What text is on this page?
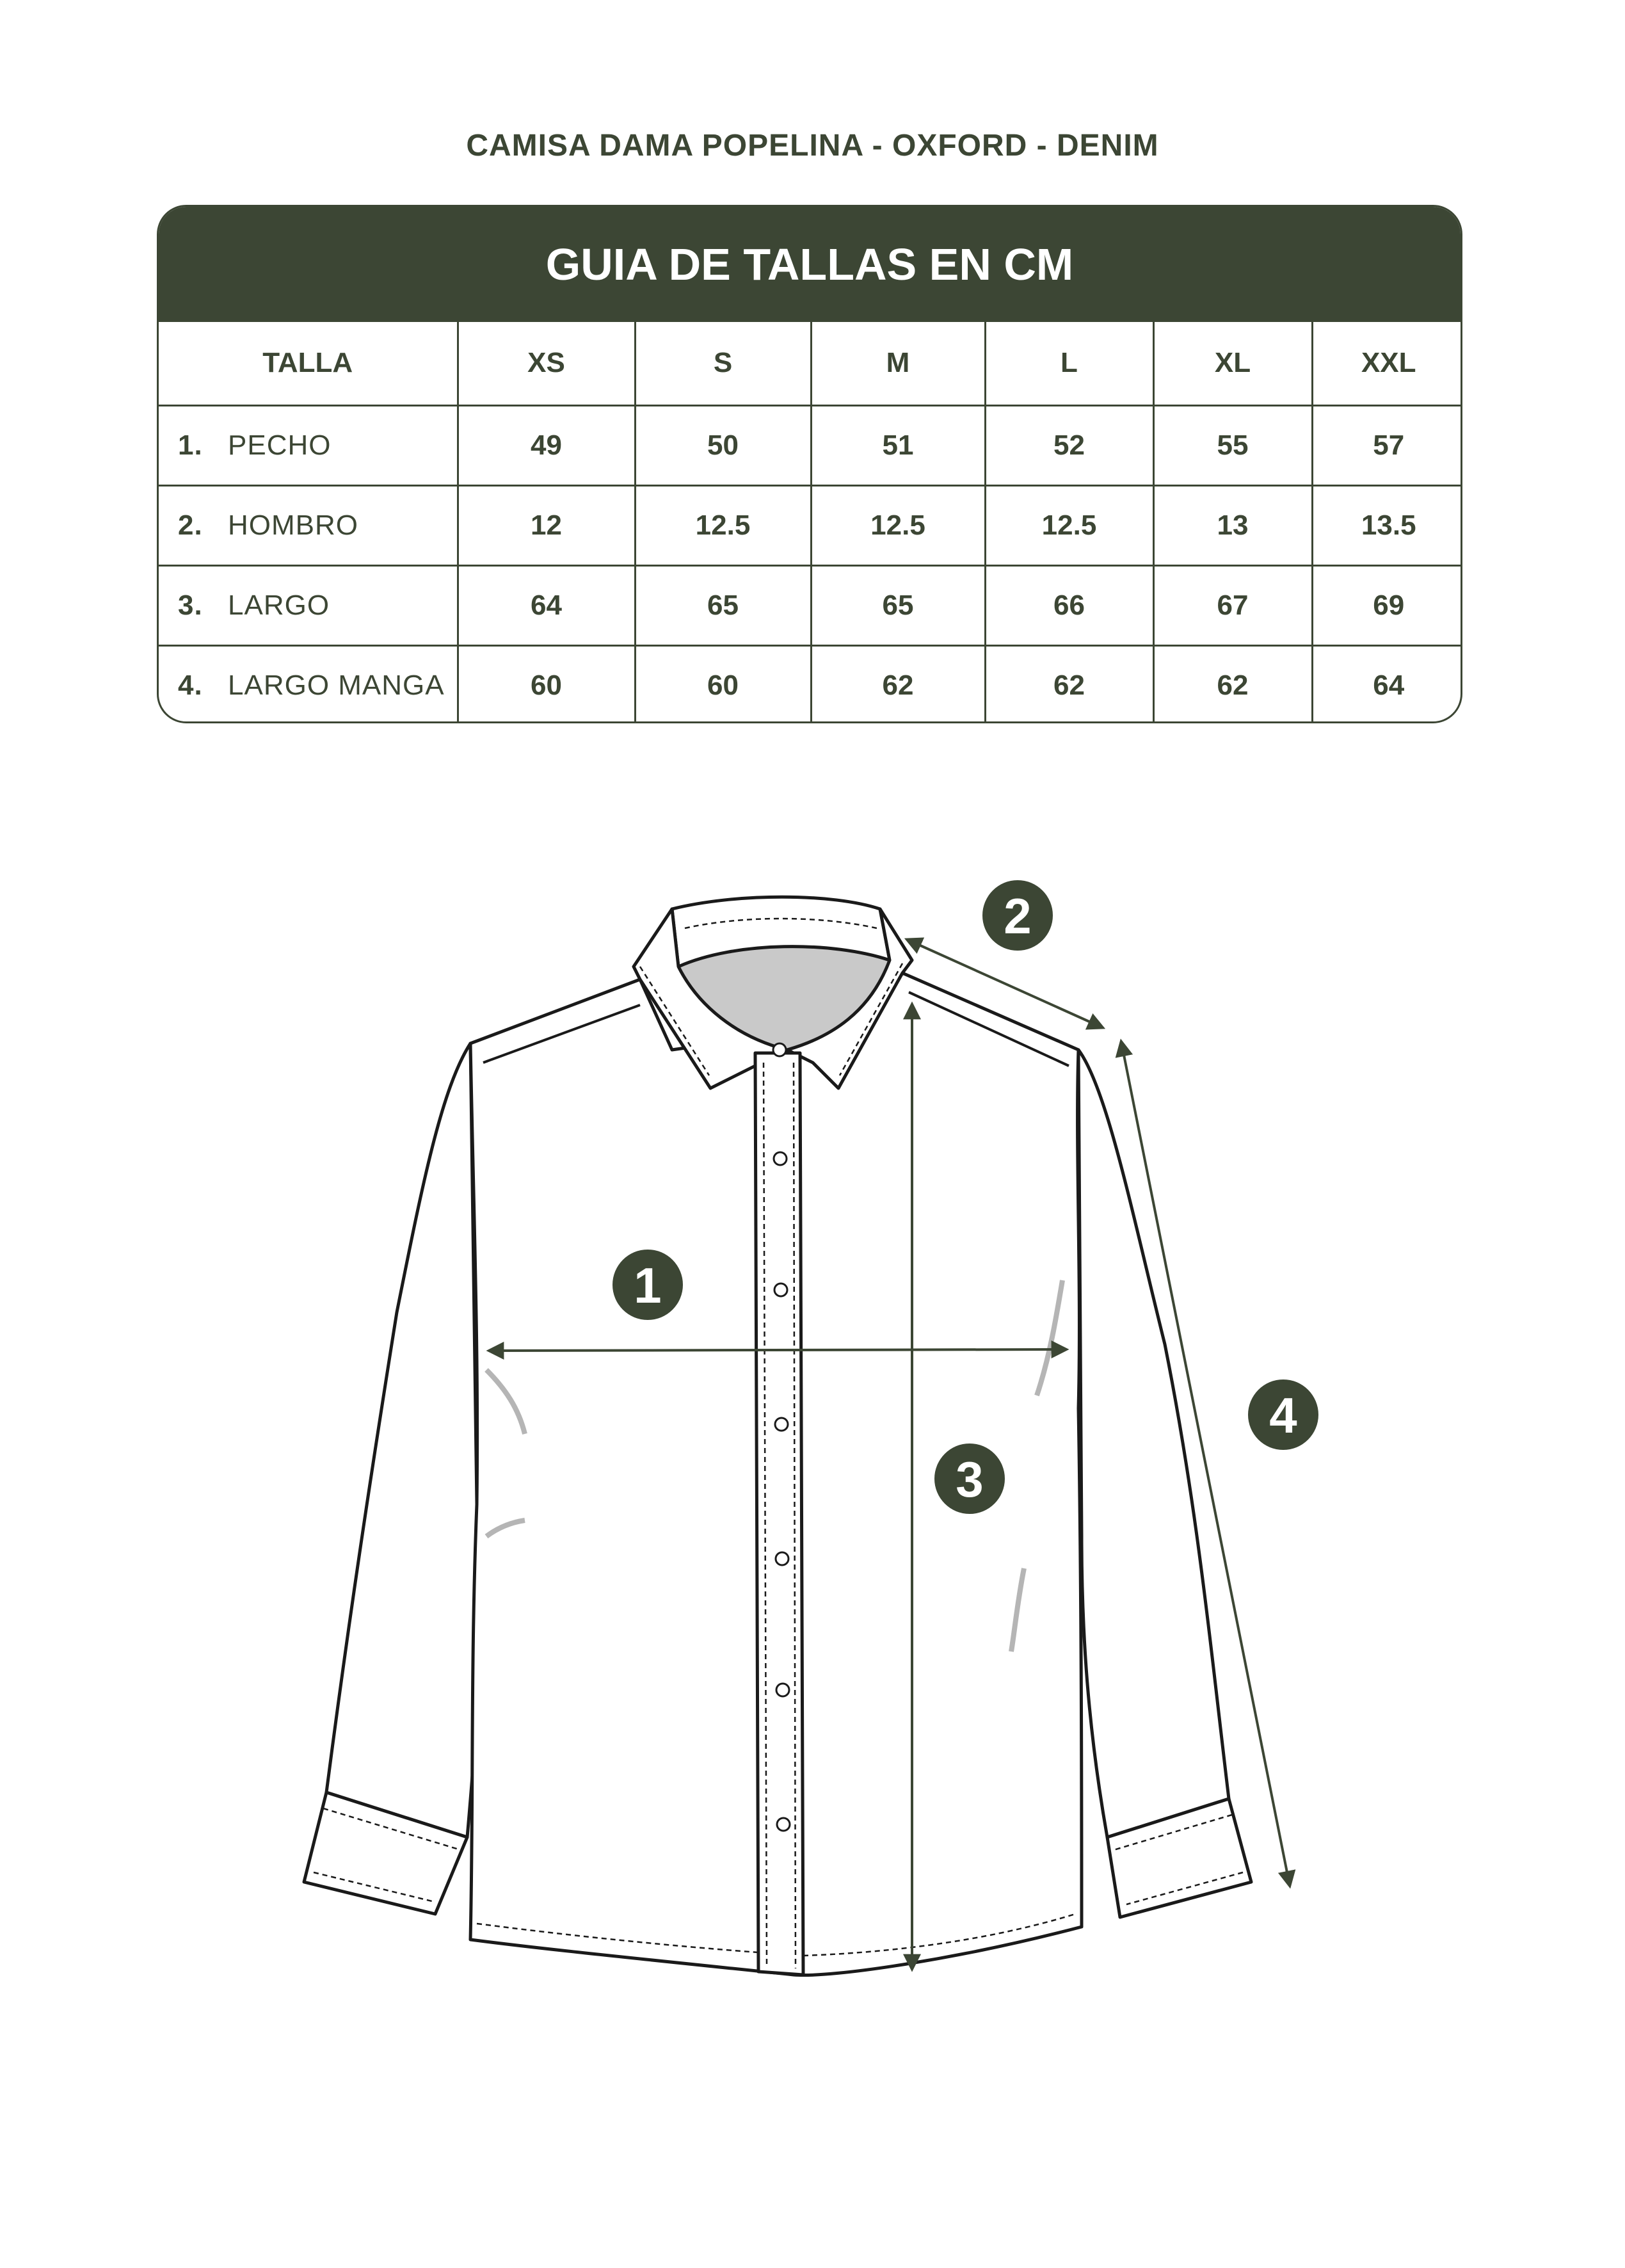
CAMISA DAMA POPELINA - OXFORD - DENIM
GUIA DE TALLAS EN CM
TALLA	XS	S	M	L	XL	XXL
1. PECHO	49	50	51	52	55	57
2. HOMBRO	12	12.5	12.5	12.5	13	13.5
3. LARGO	64	65	65	66	67	69
4. LARGO MANGA	60	60	62	62	62	64
1
2
3
4
